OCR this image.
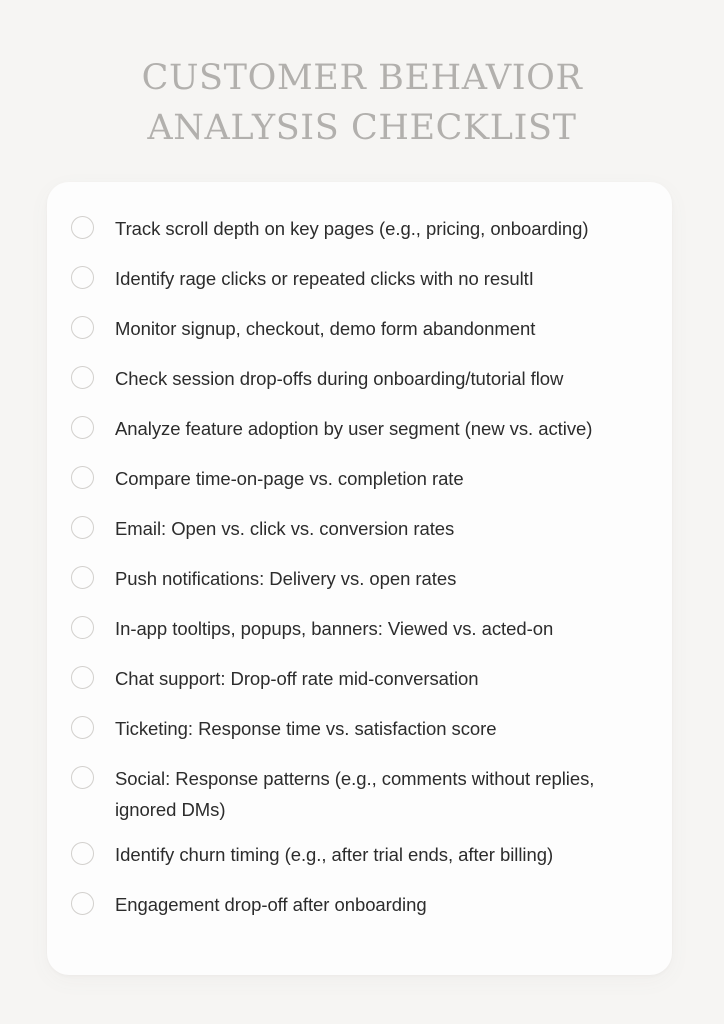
CUSTOMER BEHAVIOR
ANALYSIS CHECKLIST
Track scroll depth on key pages (e.g., pricing, onboarding)
Identify rage clicks or repeated clicks with no resultI
Monitor signup, checkout, demo form abandonment
Check session drop-offs during onboarding/tutorial flow
Analyze feature adoption by user segment (new vs. active)
Compare time-on-page vs. completion rate
Email: Open vs. click vs. conversion rates
Push notifications: Delivery vs. open rates
In-app tooltips, popups, banners: Viewed vs. acted-on
Chat support: Drop-off rate mid-conversation
Ticketing: Response time vs. satisfaction score
Social: Response patterns (e.g., comments without replies, ignored DMs)
Identify churn timing (e.g., after trial ends, after billing)
Engagement drop-off after onboarding
